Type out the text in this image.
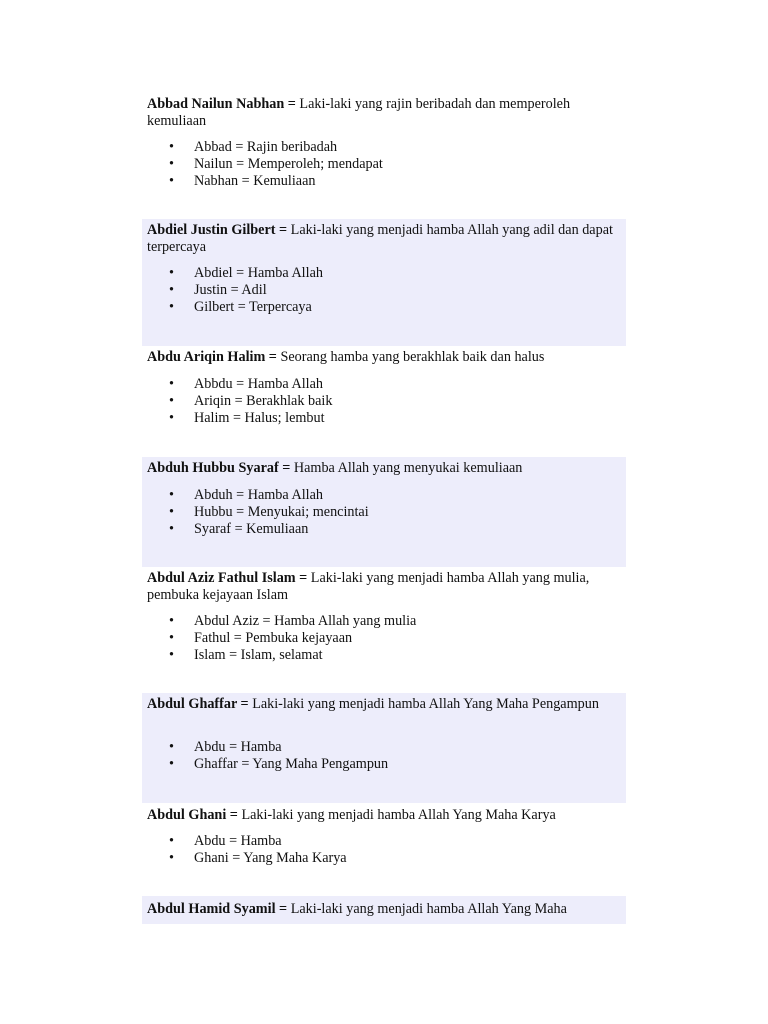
Abbad Nailun Nabhan = Laki-laki yang rajin beribadah dan memperoleh kemuliaan
• Abbad = Rajin beribadah
• Nailun = Memperoleh; mendapat
• Nabhan = Kemuliaan
Abdiel Justin Gilbert = Laki-laki yang menjadi hamba Allah yang adil dan dapat terpercaya
• Abdiel = Hamba Allah
• Justin = Adil
• Gilbert = Terpercaya
Abdu Ariqin Halim = Seorang hamba yang berakhlak baik dan halus
• Abbdu = Hamba Allah
• Ariqin = Berakhlak baik
• Halim = Halus; lembut
Abduh Hubbu Syaraf = Hamba Allah yang menyukai kemuliaan
• Abduh = Hamba Allah
• Hubbu = Menyukai; mencintai
• Syaraf = Kemuliaan
Abdul Aziz Fathul Islam = Laki-laki yang menjadi hamba Allah yang mulia, pembuka kejayaan Islam
• Abdul Aziz = Hamba Allah yang mulia
• Fathul = Pembuka kejayaan
• Islam = Islam, selamat
Abdul Ghaffar = Laki-laki yang menjadi hamba Allah Yang Maha Pengampun
• Abdu = Hamba
• Ghaffar = Yang Maha Pengampun
Abdul Ghani = Laki-laki yang menjadi hamba Allah Yang Maha Karya
• Abdu = Hamba
• Ghani = Yang Maha Karya
Abdul Hamid Syamil = Laki-laki yang menjadi hamba Allah Yang Maha
